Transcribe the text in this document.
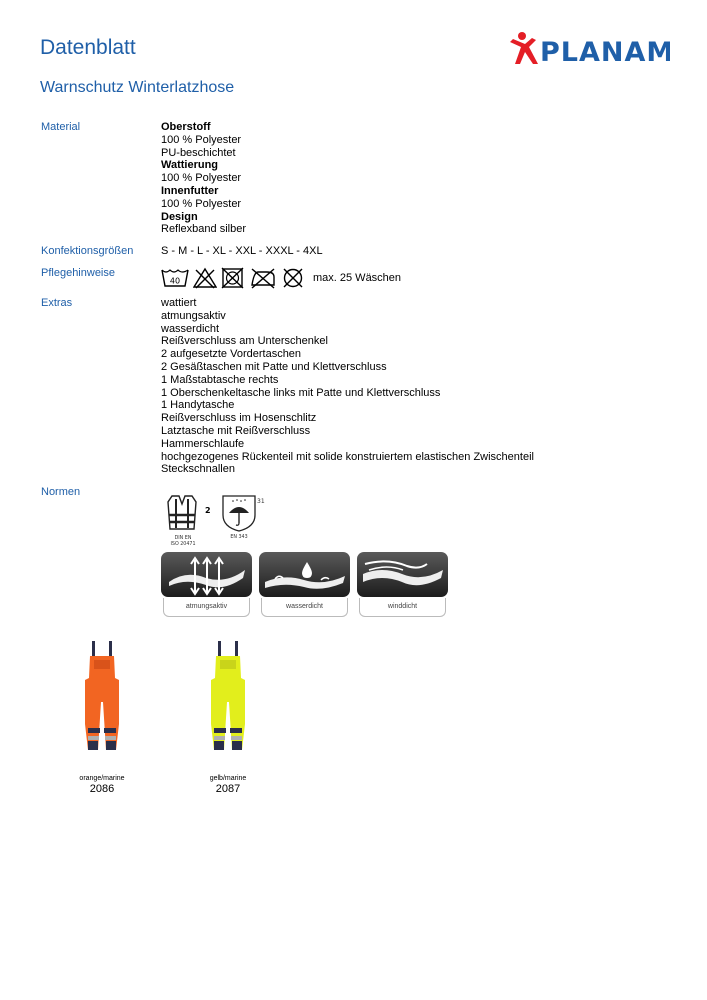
Datenblatt
Warnschutz Winterlatzhose
PLANAM
Material	Oberstoff
100 % Polyester
PU-beschichtet
Wattierung
100 % Polyester
Innenfutter
100 % Polyester
Design
Reflexband silber
Konfektionsgrößen	S - M - L - XL - XXL - XXXL - 4XL
Pflegehinweise
40	max. 25 Wäschen
Extras	wattiert
atmungsaktiv
wasserdicht
Reißverschluss am Unterschenkel
2 aufgesetzte Vordertaschen
2 Gesäßtaschen mit Patte und Klettverschluss
1 Maßstabtasche rechts
1 Oberschenkeltasche links mit Patte und Klettverschluss
1 Handytasche
Reißverschluss im Hosenschlitz
Latztasche mit Reißverschluss
Hammerschlaufe
hochgezogenes Rückenteil mit solide konstruiertem elastischen Zwischenteil
Steckschnallen
Normen
2
DIN EN
ISO 20471
31
EN 343
atmungsaktiv	wasserdicht	winddicht
orange/marine
2086
gelb/marine
2087
